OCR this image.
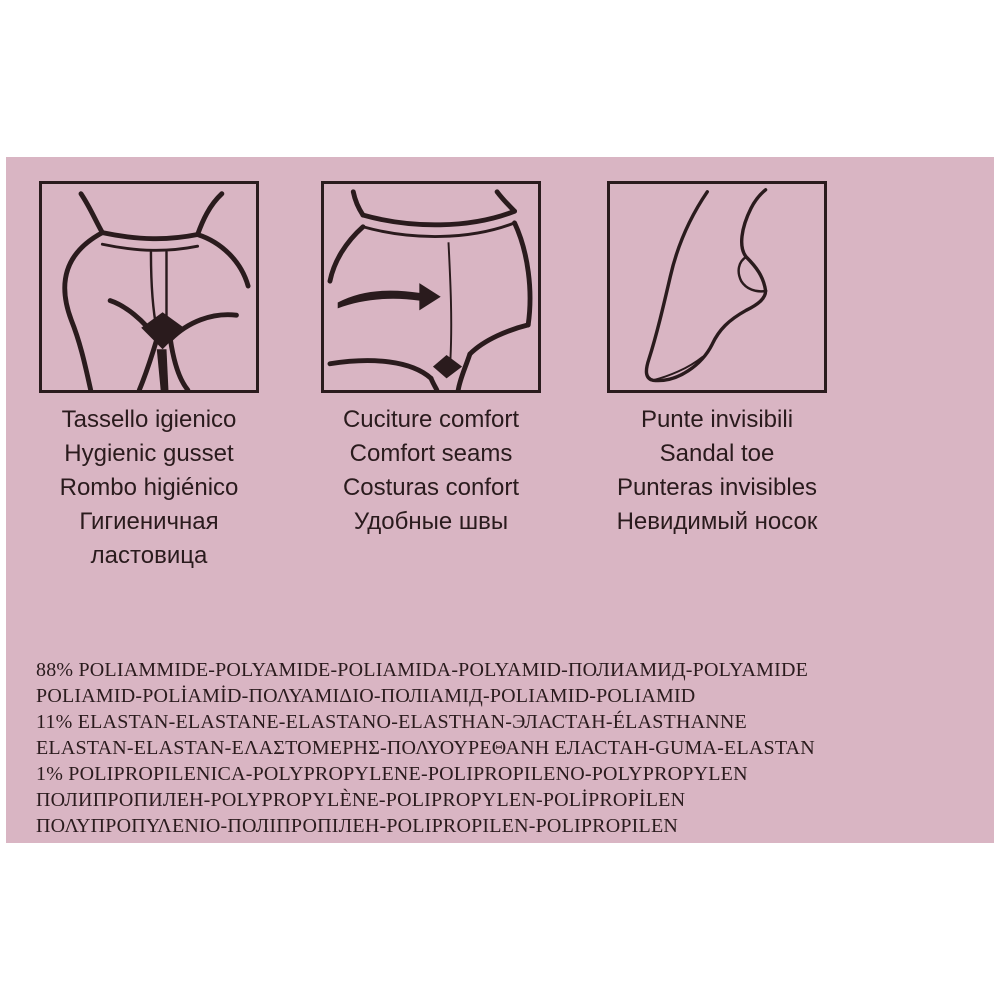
Tassello igienico
Hygienic gusset
Rombo higiénico
Гигиеничная
ластовица
Cuciture comfort
Comfort seams
Costuras confort
Удобные швы
Punte invisibili
Sandal toe
Punteras invisibles
Невидимый носок
88% POLIAMMIDE-POLYAMIDE-POLIAMIDA-POLYAMID-ПОЛИАМИД-POLYAMIDE
POLIAMID-POLİAMİD-ΠΟΛΥΑΜΙΔΙΟ-ПОЛІАМІД-POLIAMID-POLIAMID
11% ELASTAN-ELASTANE-ELASTANO-ELASTHAN-ЭЛАСТАН-ÉLASTHANNE
ELASTAN-ELASTAN-ΕΛΑΣΤΟΜΕΡΗΣ-ΠΟΛΥΟΥΡΕΘΑΝΗ ЕЛАСТАН-GUMA-ELASTAN
1% POLIPROPILENICA-POLYPROPYLENE-POLIPROPILENO-POLYPROPYLEN
ПОЛИПРОПИЛЕН-POLYPROPYLÈNE-POLIPROPYLEN-POLİPROPİLEN
ΠΟΛΥΠΡΟΠΥΛΕΝΙΟ-ПОЛІПРОПІЛЕН-POLIPROPILEN-POLIPROPILEN
